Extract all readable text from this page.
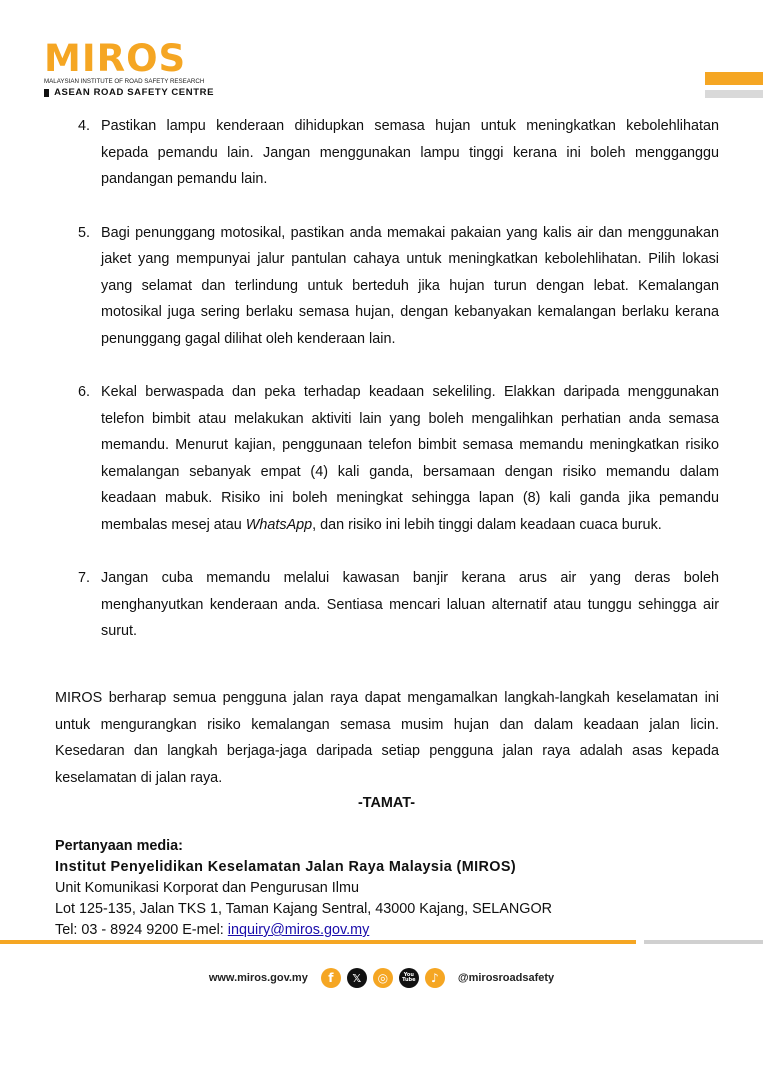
MIROS
MALAYSIAN INSTITUTE OF ROAD SAFETY RESEARCH
ASEAN ROAD SAFETY CENTRE
4. Pastikan lampu kenderaan dihidupkan semasa hujan untuk meningkatkan kebolehlihatan kepada pemandu lain. Jangan menggunakan lampu tinggi kerana ini boleh mengganggu pandangan pemandu lain.
5. Bagi penunggang motosikal, pastikan anda memakai pakaian yang kalis air dan menggunakan jaket yang mempunyai jalur pantulan cahaya untuk meningkatkan kebolehlihatan. Pilih lokasi yang selamat dan terlindung untuk berteduh jika hujan turun dengan lebat. Kemalangan motosikal juga sering berlaku semasa hujan, dengan kebanyakan kemalangan berlaku kerana penunggang gagal dilihat oleh kenderaan lain.
6. Kekal berwaspada dan peka terhadap keadaan sekeliling. Elakkan daripada menggunakan telefon bimbit atau melakukan aktiviti lain yang boleh mengalihkan perhatian anda semasa memandu. Menurut kajian, penggunaan telefon bimbit semasa memandu meningkatkan risiko kemalangan sebanyak empat (4) kali ganda, bersamaan dengan risiko memandu dalam keadaan mabuk. Risiko ini boleh meningkat sehingga lapan (8) kali ganda jika pemandu membalas mesej atau WhatsApp, dan risiko ini lebih tinggi dalam keadaan cuaca buruk.
7. Jangan cuba memandu melalui kawasan banjir kerana arus air yang deras boleh menghanyutkan kenderaan anda. Sentiasa mencari laluan alternatif atau tunggu sehingga air surut.

MIROS berharap semua pengguna jalan raya dapat mengamalkan langkah-langkah keselamatan ini untuk mengurangkan risiko kemalangan semasa musim hujan dan dalam keadaan jalan licin. Kesedaran dan langkah berjaga-jaga daripada setiap pengguna jalan raya adalah asas kepada keselamatan di jalan raya.

-TAMAT-
Pertanyaan media:
Institut Penyelidikan Keselamatan Jalan Raya Malaysia (MIROS)
Unit Komunikasi Korporat dan Pengurusan Ilmu
Lot 125-135, Jalan TKS 1, Taman Kajang Sentral, 43000 Kajang, SELANGOR
Tel: 03 - 8924 9200 E-mel: inquiry@miros.gov.my
www.miros.gov.my f 𝕏 ◎	You Tube ♪ @mirosroadsafety
